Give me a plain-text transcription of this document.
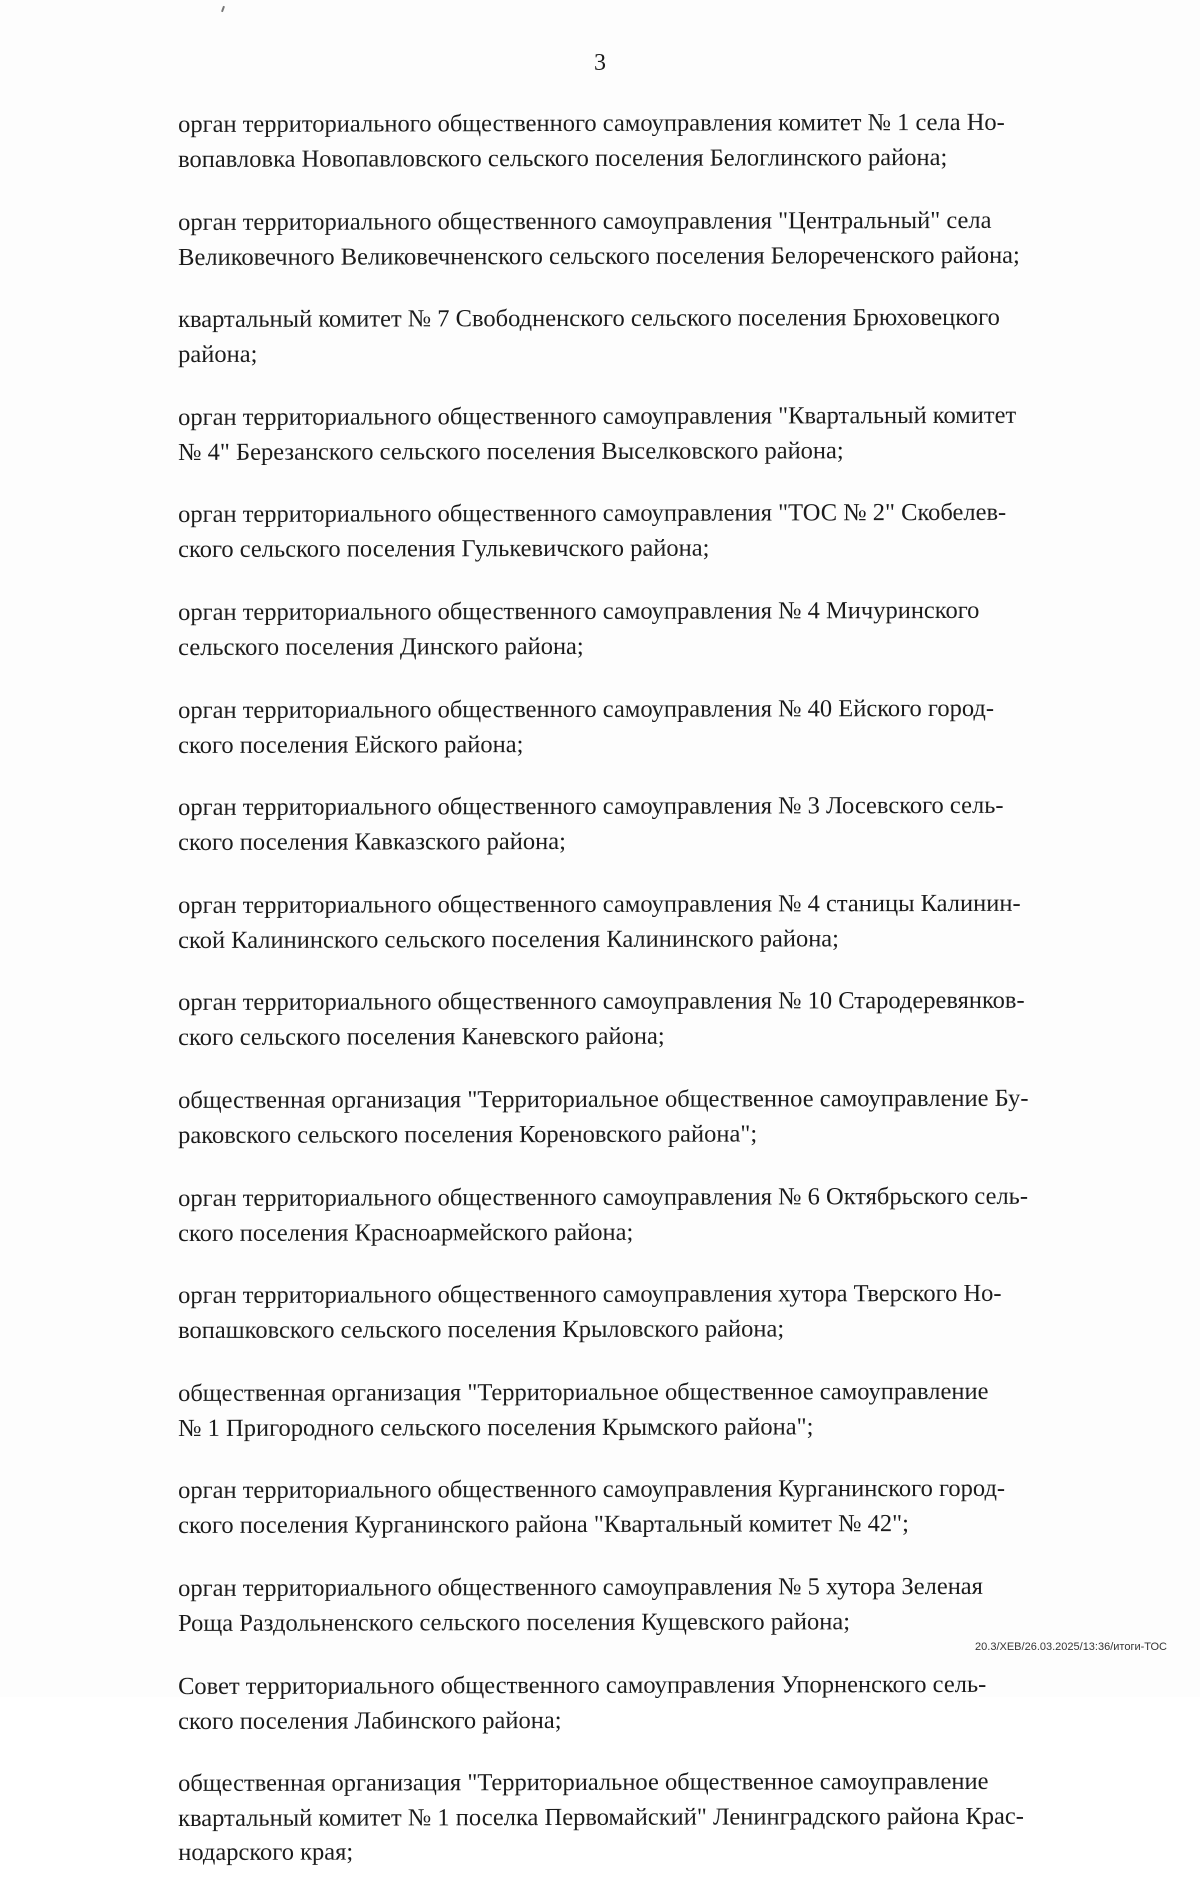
3

орган территориального общественного самоуправления комитет № 1 села Но-
вопавловка Новопавловского сельского поселения Белоглинского района;

орган территориального общественного самоуправления "Центральный" села
Великовечного Великовечненского сельского поселения Белореченского района;

квартальный комитет № 7 Свободненского сельского поселения Брюховецкого
района;

орган территориального общественного самоуправления "Квартальный комитет
№ 4" Березанского сельского поселения Выселковского района;

орган территориального общественного самоуправления "ТОС № 2" Скобелев-
ского сельского поселения Гулькевичского района;

орган территориального общественного самоуправления № 4 Мичуринского
сельского поселения Динского района;

орган территориального общественного самоуправления № 40 Ейского город-
ского поселения Ейского района;

орган территориального общественного самоуправления № 3 Лосевского сель-
ского поселения Кавказского района;

орган территориального общественного самоуправления № 4 станицы Калинин-
ской Калининского сельского поселения Калининского района;

орган территориального общественного самоуправления № 10 Стародеревянков-
ского сельского поселения Каневского района;

общественная организация "Территориальное общественное самоуправление Бу-
раковского сельского поселения Кореновского района";

орган территориального общественного самоуправления № 6 Октябрьского сель-
ского поселения Красноармейского района;

орган территориального общественного самоуправления хутора Тверского Но-
вопашковского сельского поселения Крыловского района;

общественная организация "Территориальное общественное самоуправление
№ 1 Пригородного сельского поселения Крымского района";

орган территориального общественного самоуправления Курганинского город-
ского поселения Курганинского района "Квартальный комитет № 42";

орган территориального общественного самоуправления № 5 хутора Зеленая
Роща Раздольненского сельского поселения Кущевского района;

Совет территориального общественного самоуправления Упорненского сель-
ского поселения Лабинского района;

общественная организация "Территориальное общественное самоуправление
квартальный комитет № 1 поселка Первомайский" Ленинградского района Крас-
нодарского края;

20.3/ХЕВ/26.03.2025/13:36/итоги-ТОС
